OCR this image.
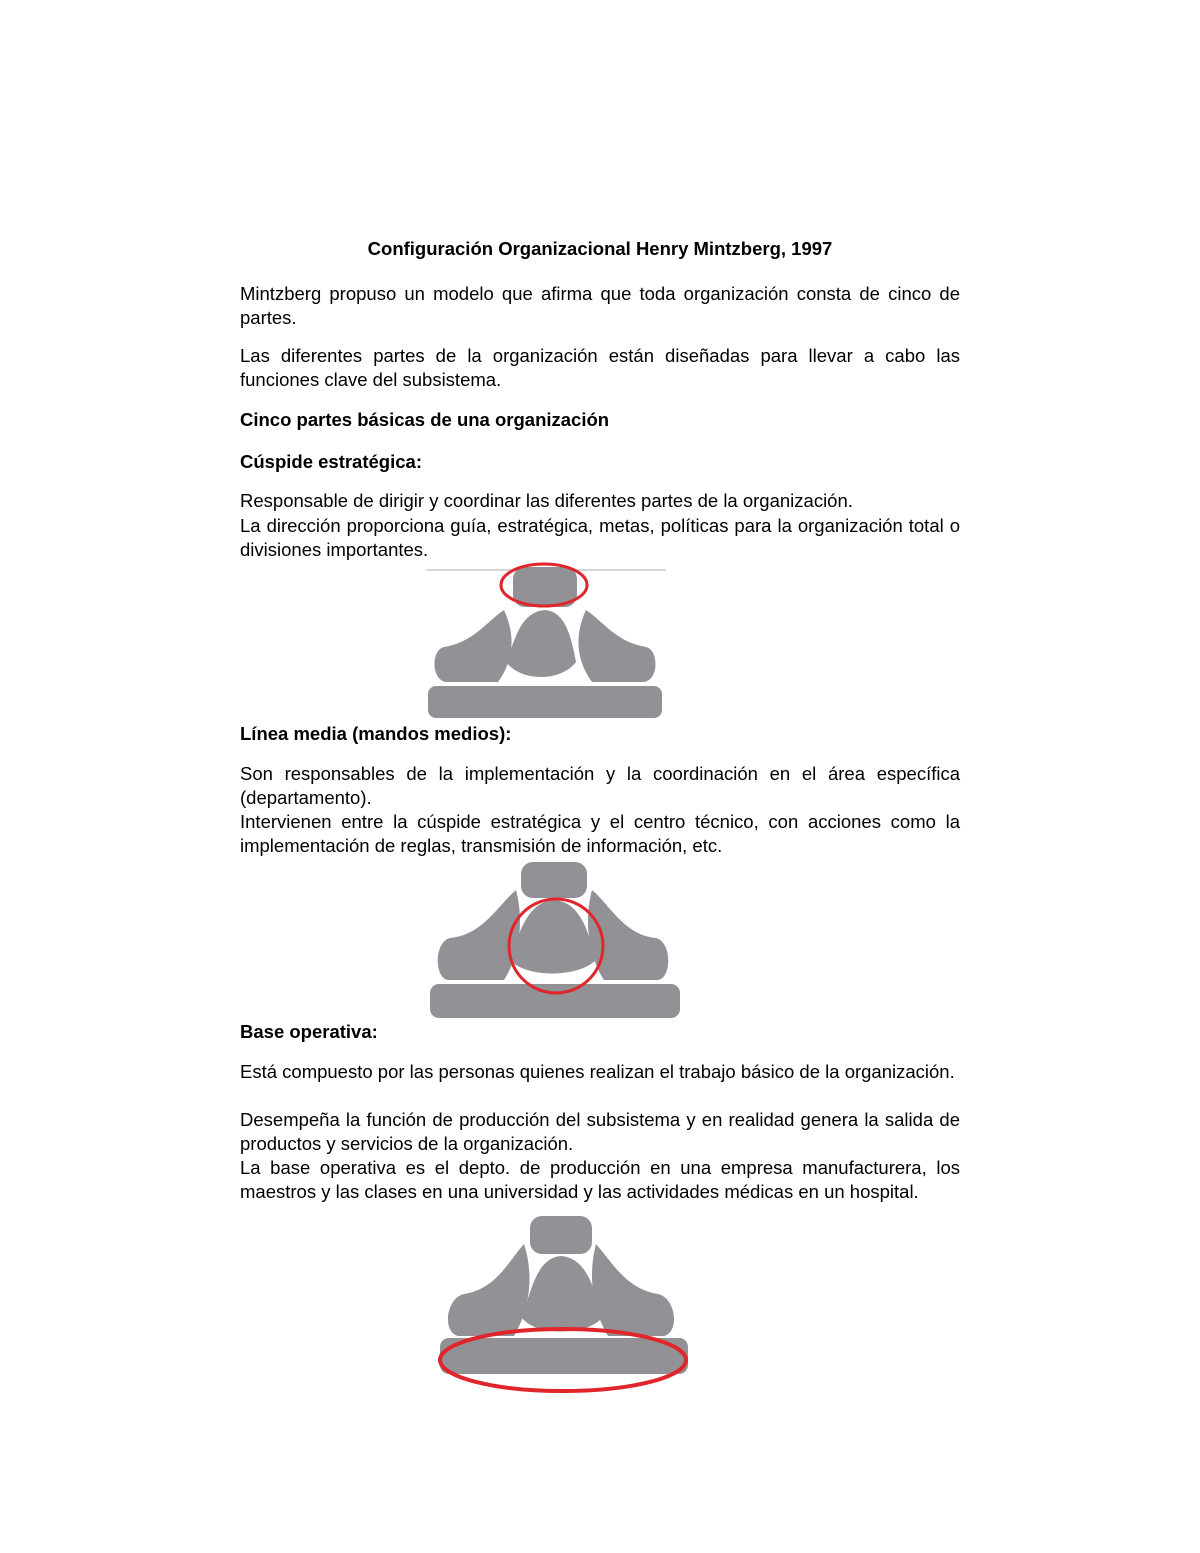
Configuración Organizacional Henry Mintzberg, 1997

Mintzberg propuso un modelo que afirma que toda organización consta de cinco de partes.

Las diferentes partes de la organización están diseñadas para llevar a cabo las funciones clave del subsistema.

Cinco partes básicas de una organización

Cúspide estratégica:

Responsable de dirigir y coordinar las diferentes partes de la organización.

La dirección proporciona guía, estratégica, metas, políticas para la organización total o divisiones importantes.

Línea media (mandos medios):

Son responsables de la implementación y la coordinación en el área específica (departamento).

Intervienen entre la cúspide estratégica y el centro técnico, con acciones como la implementación de reglas, transmisión de información, etc.

Base operativa:

Está compuesto por las personas quienes realizan el trabajo básico de la organización.

Desempeña la función de producción del subsistema y en realidad genera la salida de productos y servicios de la organización.

La base operativa es el depto. de producción en una empresa manufacturera, los maestros y las clases en una universidad y las actividades médicas en un hospital.
